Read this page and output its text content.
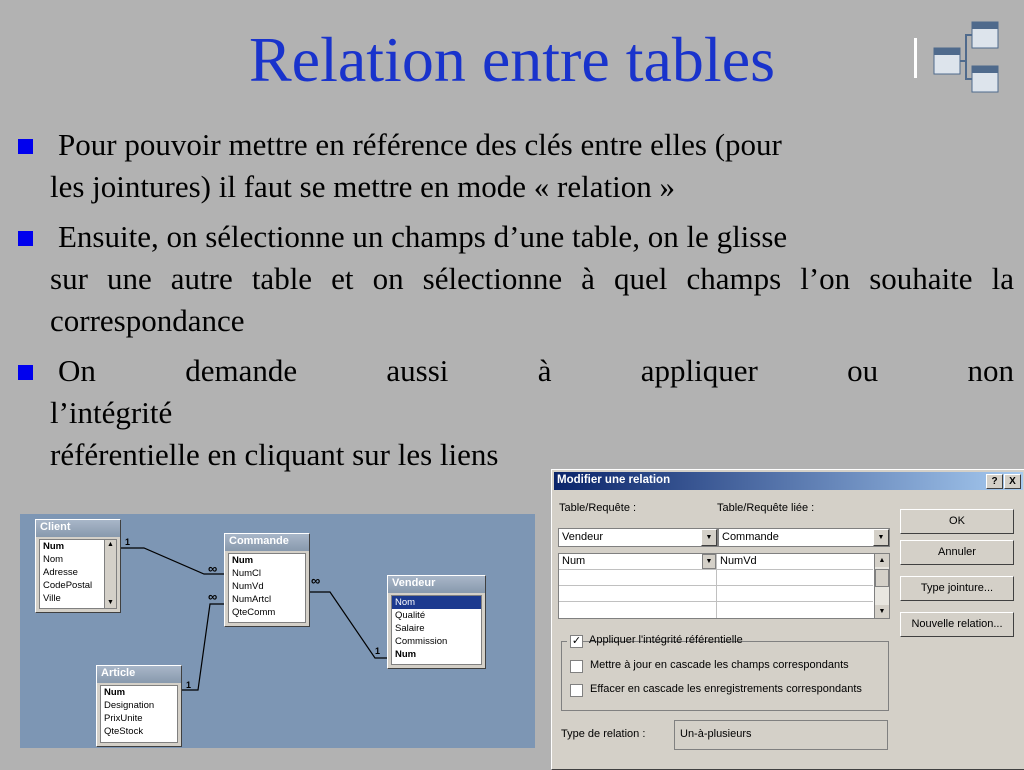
Relation entre tables
Pour pouvoir mettre en référence des clés entre elles (pour
les jointures) il faut se mettre en mode « relation »
Ensuite, on sélectionne un champs d’une table, on le glisse
sur une autre table et on sélectionne à quel champs l’on souhaite la correspondance
On demande aussi à appliquer ou non l’intégrité
référentielle en cliquant sur les liens
1
∞
∞
1
∞
1
Client
Num
Nom
Adresse
CodePostal
Ville
▲
▼
Commande
Num
NumCl
NumVd
NumArtcl
QteComm
Vendeur
Nom
Qualité
Salaire
Commission
Num
Article
Num
Designation
PrixUnite
QteStock
Modifier une relation	?	X
Table/Requête :	Table/Requête liée :
Vendeur	▼ Commande	▼
Num	▼ NumVd	▲
▼
OK
Annuler
Type jointure...
Nouvelle relation...
✓ Appliquer l'intégrité référentielle
Mettre à jour en cascade les champs correspondants
Effacer en cascade les enregistrements correspondants
Type de relation :	Un-à-plusieurs
